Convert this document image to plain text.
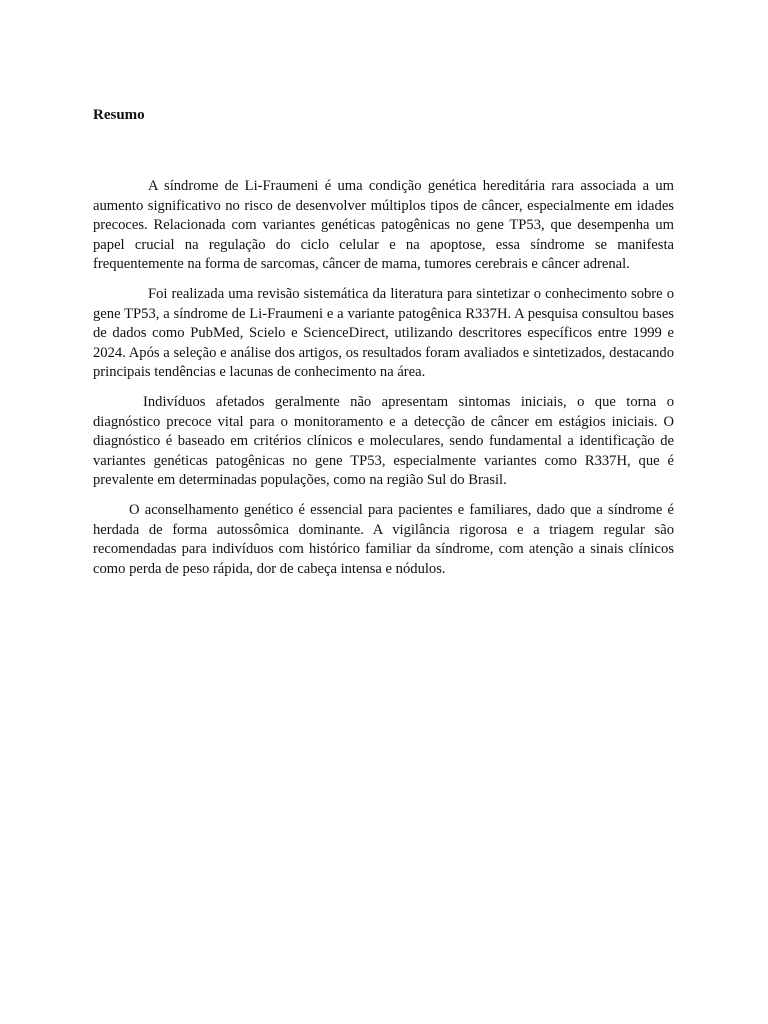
Resumo

A síndrome de Li-Fraumeni é uma condição genética hereditária rara associada a um aumento significativo no risco de desenvolver múltiplos tipos de câncer, especialmente em idades precoces. Relacionada com variantes genéticas patogênicas no gene TP53, que desempenha um papel crucial na regulação do ciclo celular e na apoptose, essa síndrome se manifesta frequentemente na forma de sarcomas, câncer de mama, tumores cerebrais e câncer adrenal.

Foi realizada uma revisão sistemática da literatura para sintetizar o conhecimento sobre o gene TP53, a síndrome de Li-Fraumeni e a variante patogênica R337H. A pesquisa consultou bases de dados como PubMed, Scielo e ScienceDirect, utilizando descritores específicos entre 1999 e 2024. Após a seleção e análise dos artigos, os resultados foram avaliados e sintetizados, destacando principais tendências e lacunas de conhecimento na área.

Indivíduos afetados geralmente não apresentam sintomas iniciais, o que torna o diagnóstico precoce vital para o monitoramento e a detecção de câncer em estágios iniciais. O diagnóstico é baseado em critérios clínicos e moleculares, sendo fundamental a identificação de variantes genéticas patogênicas no gene TP53, especialmente variantes como R337H, que é prevalente em determinadas populações, como na região Sul do Brasil.

O aconselhamento genético é essencial para pacientes e familiares, dado que a síndrome é herdada de forma autossômica dominante. A vigilância rigorosa e a triagem regular são recomendadas para indivíduos com histórico familiar da síndrome, com atenção a sinais clínicos como perda de peso rápida, dor de cabeça intensa e nódulos.
